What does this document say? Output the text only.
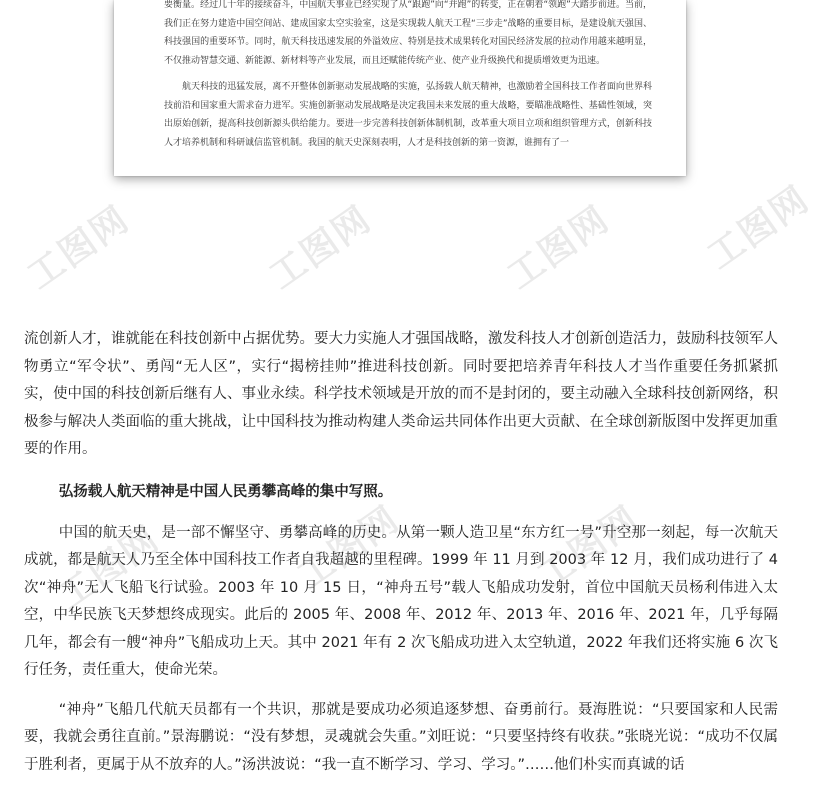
要衡量。经过几十年的接续奋斗，中国航天事业已经实现了从“跟跑”向“并跑”的转变，正在朝着“领跑”大踏步前进。当前，我们正在努力建造中国空间站、建成国家太空实验室，这是实现载人航天工程“三步走”战略的重要目标，是建设航天强国、科技强国的重要环节。同时，航天科技迅速发展的外溢效应、特别是技术成果转化对国民经济发展的拉动作用越来越明显，不仅推动智慧交通、新能源、新材料等产业发展，而且还赋能传统产业、使产业升级换代和提质增效更为迅速。

航天科技的迅猛发展，离不开整体创新驱动发展战略的实施，弘扬载人航天精神，也激励着全国科技工作者面向世界科技前沿和国家重大需求奋力进军。实施创新驱动发展战略是决定我国未来发展的重大战略，要瞄准战略性、基础性领域，突出原始创新，提高科技创新源头供给能力。要进一步完善科技创新体制机制，改革重大项目立项和组织管理方式，创新科技人才培养机制和科研诚信监管机制。我国的航天史深刻表明，人才是科技创新的第一资源，谁拥有了一

工图网	工图网	工图网 工图网
工图网	工图网	工图网

流创新人才，谁就能在科技创新中占据优势。要大力实施人才强国战略，激发科技人才创新创造活力，鼓励科技领军人物勇立“军令状”、勇闯“无人区”，实行“揭榜挂帅”推进科技创新。同时要把培养青年科技人才当作重要任务抓紧抓实，使中国的科技创新后继有人、事业永续。科学技术领域是开放的而不是封闭的，要主动融入全球科技创新网络，积极参与解决人类面临的重大挑战，让中国科技为推动构建人类命运共同体作出更大贡献、在全球创新版图中发挥更加重要的作用。

弘扬载人航天精神是中国人民勇攀高峰的集中写照。

中国的航天史，是一部不懈坚守、勇攀高峰的历史。从第一颗人造卫星“东方红一号”升空那一刻起，每一次航天成就，都是航天人乃至全体中国科技工作者自我超越的里程碑。1999 年 11 月到 2003 年 12 月，我们成功进行了 4 次“神舟”无人飞船飞行试验。2003 年 10 月 15 日，“神舟五号”载人飞船成功发射，首位中国航天员杨利伟进入太空，中华民族飞天梦想终成现实。此后的 2005 年、2008 年、2012 年、2013 年、2016 年、2021 年，几乎每隔几年，都会有一艘“神舟”飞船成功上天。其中 2021 年有 2 次飞船成功进入太空轨道，2022 年我们还将实施 6 次飞行任务，责任重大，使命光荣。

“神舟”飞船几代航天员都有一个共识，那就是要成功必须追逐梦想、奋勇前行。聂海胜说：“只要国家和人民需要，我就会勇往直前。”景海鹏说：“没有梦想，灵魂就会失重。”刘旺说：“只要坚持终有收获。”张晓光说：“成功不仅属于胜利者，更属于从不放弃的人。”汤洪波说：“我一直不断学习、学习、学习。”……他们朴实而真诚的话
